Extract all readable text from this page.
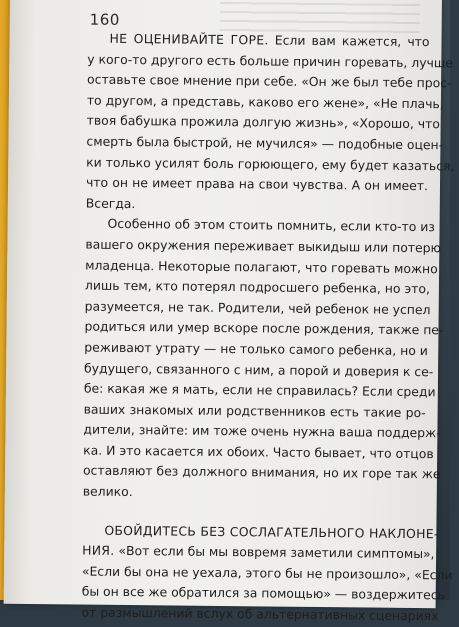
160
НЕ ОЦЕНИВАЙТЕ ГОРЕ. Если вам кажется, что
у кого-то другого есть больше причин горевать, лучше
оставьте свое мнение при себе. «Он же был тебе прос-
то другом, а представь, каково его жене», «Не плачь,
твоя бабушка прожила долгую жизнь», «Хорошо, что
смерть была быстрой, не мучился» — подобные оцен-
ки только усилят боль горюющего, ему будет казаться,
что он не имеет права на свои чувства. А он имеет.
Всегда.
Особенно об этом стоить помнить, если кто-то из
вашего окружения переживает выкидыш или потерю
младенца. Некоторые полагают, что горевать можно
лишь тем, кто потерял подросшего ребенка, но это,
разумеется, не так. Родители, чей ребенок не успел
родиться или умер вскоре после рождения, также пе-
реживают утрату — не только самого ребенка, но и
будущего, связанного с ним, а порой и доверия к се-
бе: какая же я мать, если не справилась? Если среди
ваших знакомых или родственников есть такие ро-
дители, знайте: им тоже очень нужна ваша поддерж-
ка. И это касается их обоих. Часто бывает, что отцов
оставляют без должного внимания, но их горе так же
велико.
ОБОЙДИТЕСЬ БЕЗ СОСЛАГАТЕЛЬНОГО НАКЛОНЕ-
НИЯ. «Вот если бы мы вовремя заметили симптомы»,
«Если бы она не уехала, этого бы не произошло», «Если
бы он все же обратился за помощью» — воздержитесь
от размышлений вслух об альтернативных сценариях
